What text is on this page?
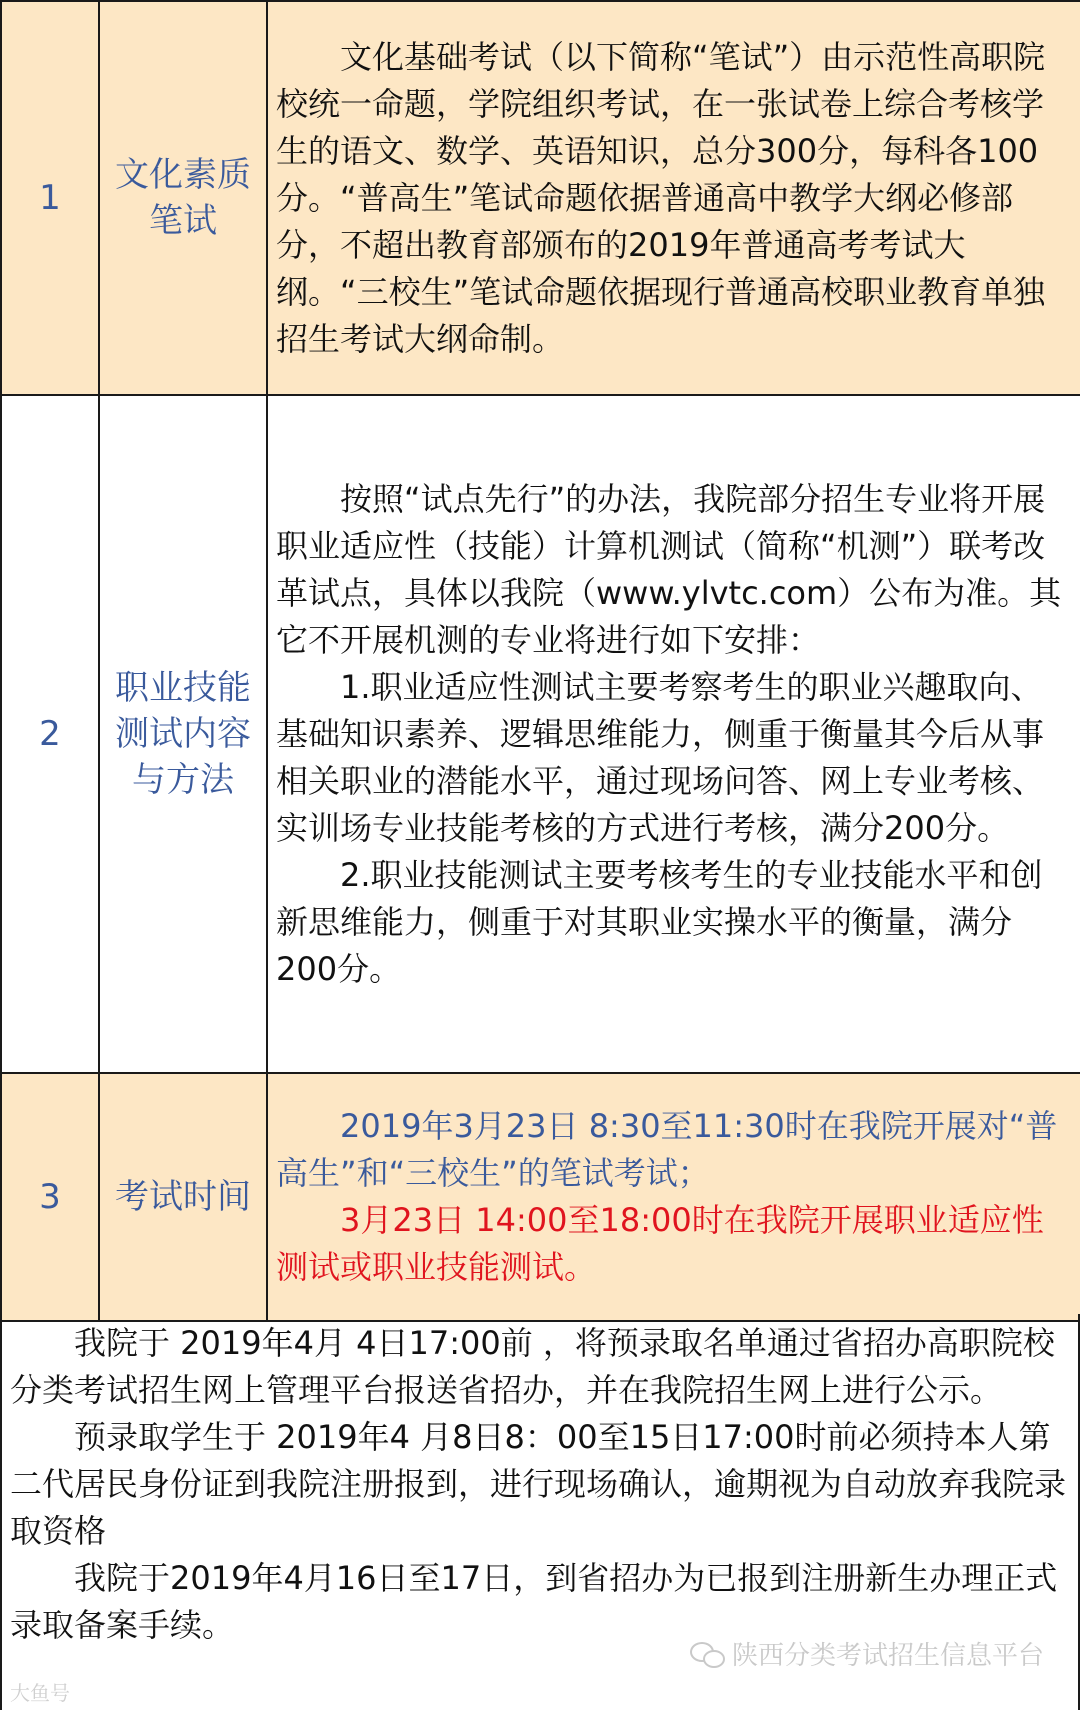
1	文化素质笔试	文化基础考试（以下简称“笔试”）由示范性高职院校统一命题，学院组织考试，在一张试卷上综合考核学生的语文、数学、英语知识，总分300分，每科各100分。“普高生”笔试命题依据普通高中教学大纲必修部分，不超出教育部颁布的2019年普通高考考试大纲。“三校生”笔试命题依据现行普通高校职业教育单独招生考试大纲命制。

2	职业技能测试内容与方法	按照“试点先行”的办法，我院部分招生专业将开展职业适应性（技能）计算机测试（简称“机测”）联考改革试点，具体以我院（www.ylvtc.com）公布为准。其它不开展机测的专业将进行如下安排：

1.职业适应性测试主要考察考生的职业兴趣取向、基础知识素养、逻辑思维能力，侧重于衡量其今后从事相关职业的潜能水平，通过现场问答、网上专业考核、实训场专业技能考核的方式进行考核，满分200分。

2.职业技能测试主要考核考生的专业技能水平和创新思维能力，侧重于对其职业实操水平的衡量，满分200分。

3	考试时间	2019年3月23日 8:30至11:30时在我院开展对“普高生”和“三校生”的笔试考试；

3月23日 14:00至18:00时在我院开展职业适应性测试或职业技能测试。

我院于 2019年4月 4日17:00前 ，将预录取名单通过省招办高职院校分类考试招生网上管理平台报送省招办，并在我院招生网上进行公示。

预录取学生于 2019年4 月8日8：00至15日17:00时前必须持本人第二代居民身份证到我院注册报到，进行现场确认，逾期视为自动放弃我院录取资格

我院于2019年4月16日至17日，到省招办为已报到注册新生办理正式录取备案手续。

陕西分类考试招生信息平台
大鱼号
